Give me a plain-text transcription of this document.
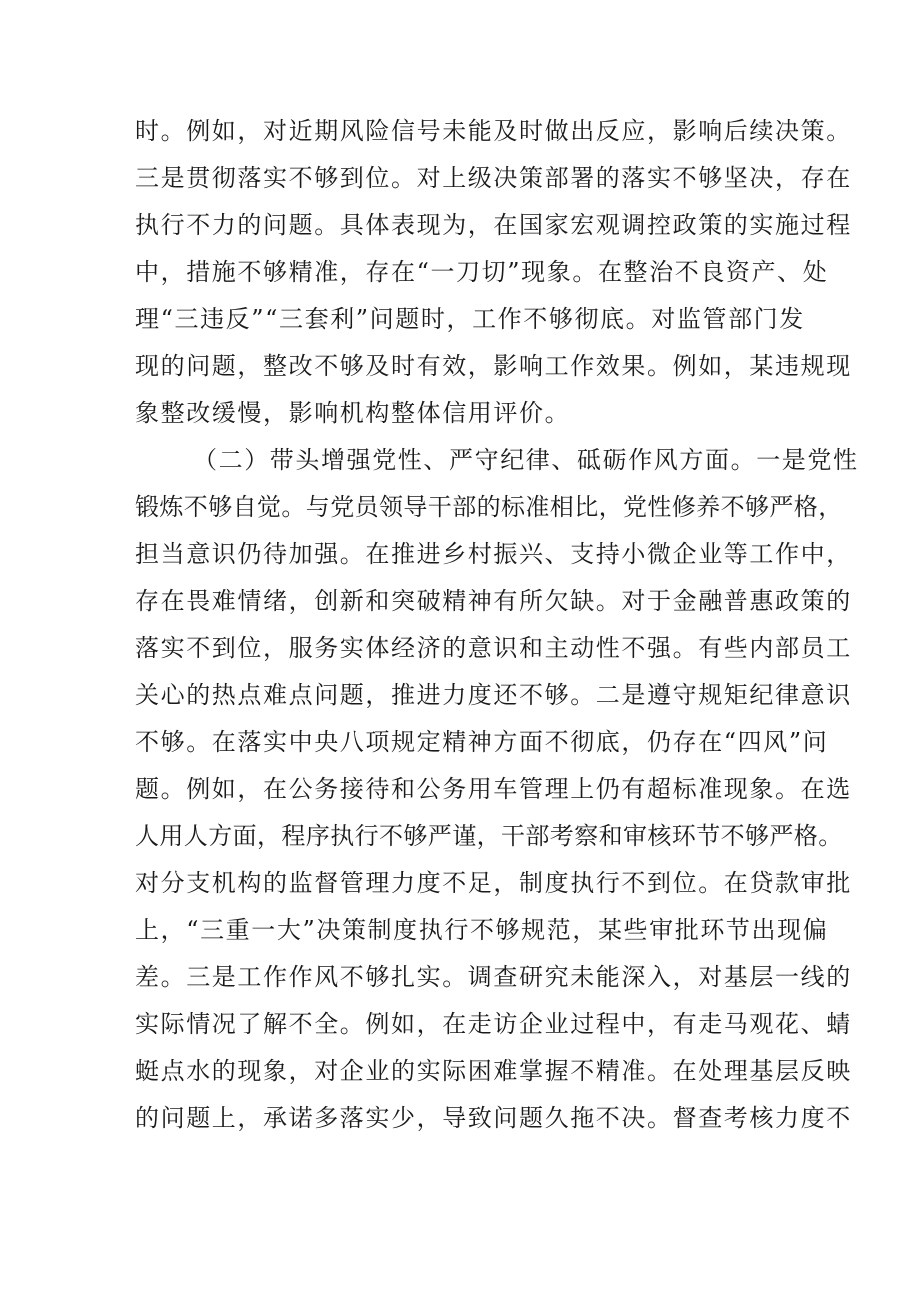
时。例如，对近期风险信号未能及时做出反应，影响后续决策。
三是贯彻落实不够到位。对上级决策部署的落实不够坚决，存在
执行不力的问题。具体表现为，在国家宏观调控政策的实施过程
中，措施不够精准，存在“一刀切”现象。在整治不良资产、处
理“三违反”“三套利”问题时，工作不够彻底。对监管部门发
现的问题，整改不够及时有效，影响工作效果。例如，某违规现
象整改缓慢，影响机构整体信用评价。
（二）带头增强党性、严守纪律、砥砺作风方面。一是党性
锻炼不够自觉。与党员领导干部的标准相比，党性修养不够严格，
担当意识仍待加强。在推进乡村振兴、支持小微企业等工作中，
存在畏难情绪，创新和突破精神有所欠缺。对于金融普惠政策的
落实不到位，服务实体经济的意识和主动性不强。有些内部员工
关心的热点难点问题，推进力度还不够。二是遵守规矩纪律意识
不够。在落实中央八项规定精神方面不彻底，仍存在“四风”问
题。例如，在公务接待和公务用车管理上仍有超标准现象。在选
人用人方面，程序执行不够严谨，干部考察和审核环节不够严格。
对分支机构的监督管理力度不足，制度执行不到位。在贷款审批
上，“三重一大”决策制度执行不够规范，某些审批环节出现偏
差。三是工作作风不够扎实。调查研究未能深入，对基层一线的
实际情况了解不全。例如，在走访企业过程中，有走马观花、蜻
蜓点水的现象，对企业的实际困难掌握不精准。在处理基层反映
的问题上，承诺多落实少，导致问题久拖不决。督查考核力度不
